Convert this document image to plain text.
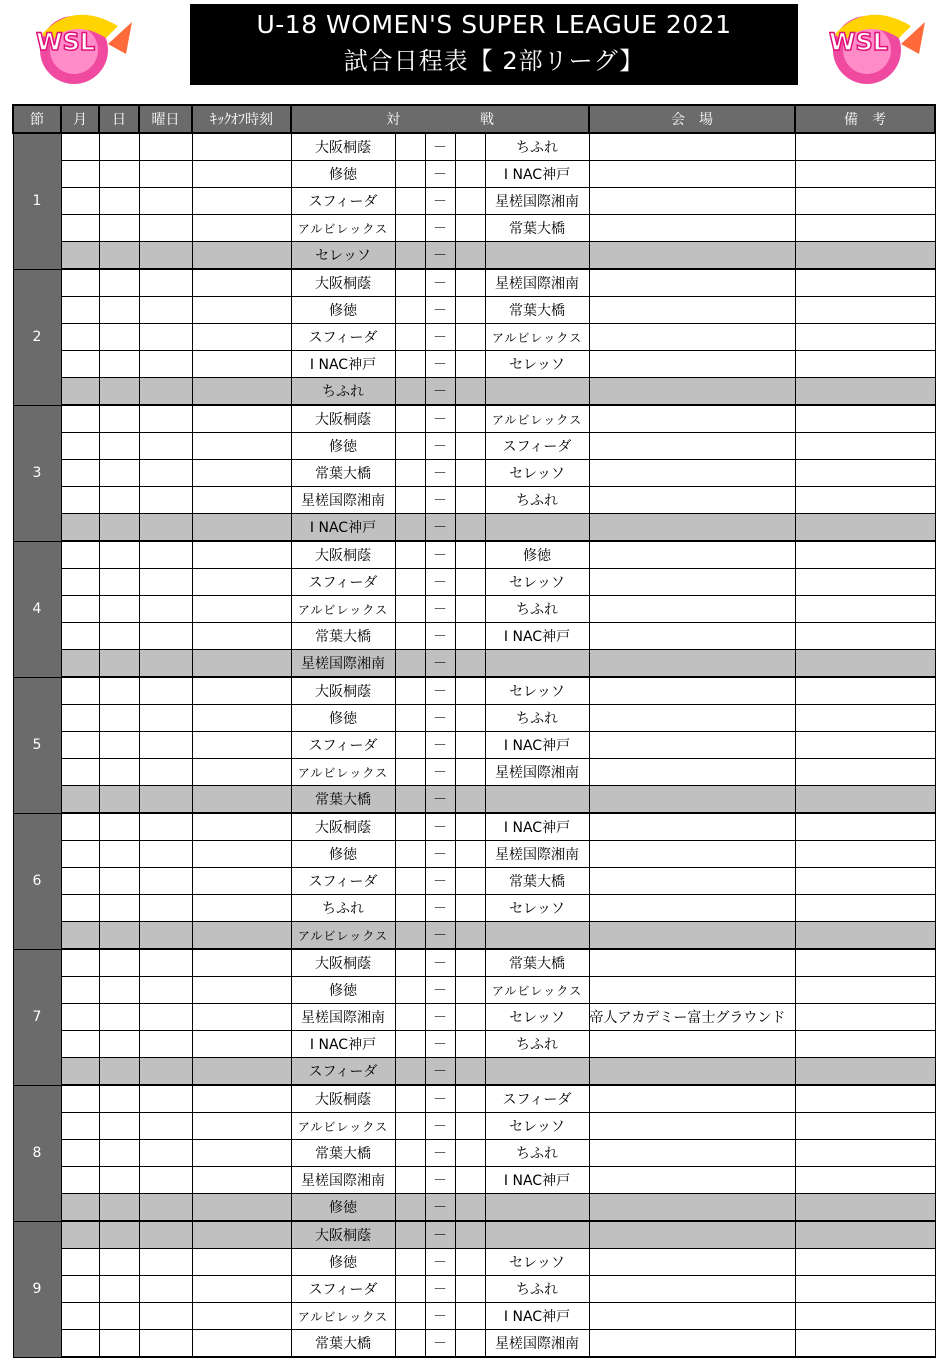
WSL
U-18 WOMEN'S SUPER LEAGUE 2021
試合日程表【 2部リーグ】
WSL
節	月	日	曜日	ｷｯｸｵﾌ時刻	対 戦					会　場	備　考
1					大阪桐蔭		－		ちふれ		
					修徳		－		I NAC神戸		
					スフィーダ		－		星槎国際湘南		
					アルビレックス		－		常葉大橋		
					セレッソ		－				
2					大阪桐蔭		－		星槎国際湘南		
					修徳		－		常葉大橋		
					スフィーダ		－		アルビレックス		
					I NAC神戸		－		セレッソ		
					ちふれ		－				
3					大阪桐蔭		－		アルビレックス		
					修徳		－		スフィーダ		
					常葉大橋		－		セレッソ		
					星槎国際湘南		－		ちふれ		
					I NAC神戸		－				
4					大阪桐蔭		－		修徳		
					スフィーダ		－		セレッソ		
					アルビレックス		－		ちふれ		
					常葉大橋		－		I NAC神戸		
					星槎国際湘南		－				
5					大阪桐蔭		－		セレッソ		
					修徳		－		ちふれ		
					スフィーダ		－		I NAC神戸		
					アルビレックス		－		星槎国際湘南		
					常葉大橋		－				
6					大阪桐蔭		－		I NAC神戸		
					修徳		－		星槎国際湘南		
					スフィーダ		－		常葉大橋		
					ちふれ		－		セレッソ		
					アルビレックス		－				
7					大阪桐蔭		－		常葉大橋		
					修徳		－		アルビレックス		
					星槎国際湘南		－		セレッソ	帝人アカデミー富士グラウンド	
					I NAC神戸		－		ちふれ		
					スフィーダ		－				
8					大阪桐蔭		－		スフィーダ		
					アルビレックス		－		セレッソ		
					常葉大橋		－		ちふれ		
					星槎国際湘南		－		I NAC神戸		
					修徳		－				
9					大阪桐蔭		－				
					修徳		－		セレッソ		
					スフィーダ		－		ちふれ		
					アルビレックス		－		I NAC神戸		
					常葉大橋		－		星槎国際湘南		
